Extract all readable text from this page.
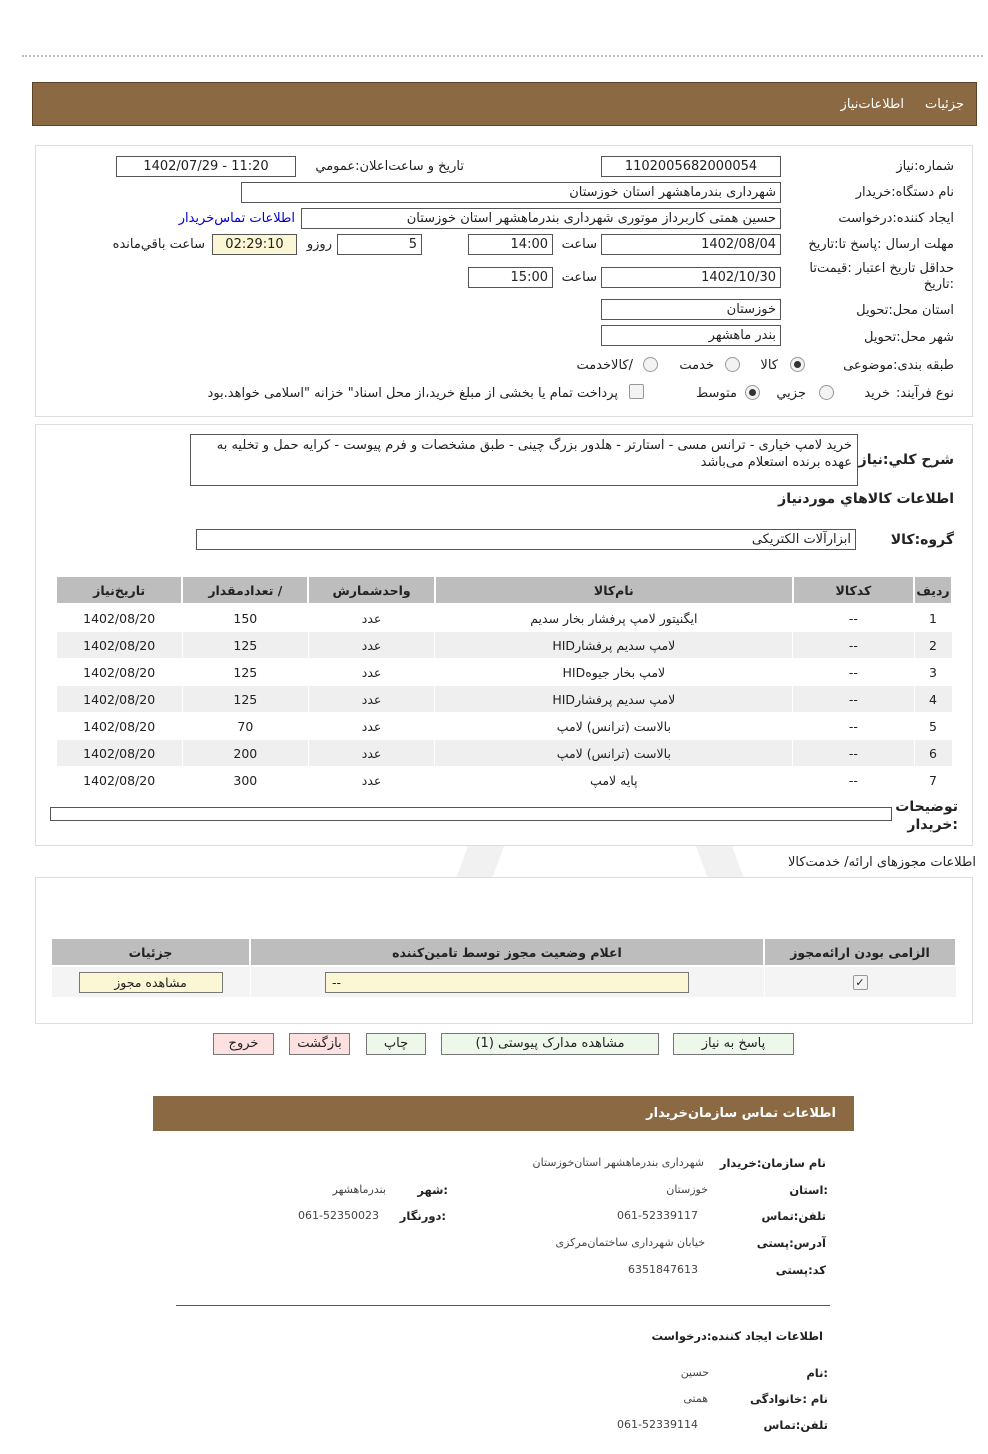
جزئیات
اطلاعات‌نیاز
شماره:نیاز
1102005682000054
تاریخ و ساعت‌اعلان:عمومي
1402/07/29 - 11:20
نام دستگاه:خریدار
شهرداری بندرماهشهر استان خوزستان
ایجاد کننده:درخواست
حسین همتی کاربرداز موتوری شهرداری بندرماهشهر استان خوزستان
اطلاعات تماس‌خریدار
مهلت ارسال :پاسخ تا:تاریخ
1402/08/04
ساعت
14:00
5
روزو
02:29:10
ساعت باقي‌مانده
حداقل تاریخ اعتبار :قیمت‌تا
:تاریخ
1402/10/30
ساعت
15:00
استان محل:تحویل
خوزستان
شهر محل:تحویل
بندر ماهشهر
طبقه بندی:موضوعی
کالا
خدمت
/کالاخدمت
نوع فرآیند:
خرید
جزيي
متوسط
پرداخت تمام یا بخشی از مبلغ خرید،از محل اسناد" خزانه "اسلامی خواهد.بود
شرح کلي:نیاز
خرید لامپ خیاری - ترانس مسی - استارتر - هلدور بزرگ چینی - طبق مشخصات و فرم پیوست - کرایه حمل و تخلیه به عهده برنده استعلام می‌باشد
اطلاعات کالاهاي موردنیاز
گروه:کالا
ابزارآلات الکتریکی
ردیف	کدکالا	نام‌کالا	واحدشمارش	/ تعدادمقدار	تاریخ‌نیاز
1	--	ایگنیتور لامپ پرفشار بخار سدیم	عدد	150	1402/08/20
2	--	لامپ سدیم پرفشارHID	عدد	125	1402/08/20
3	--	لامپ بخار جیوهHID	عدد	125	1402/08/20
4	--	لامپ سدیم پرفشارHID	عدد	125	1402/08/20
5	--	بالاست (ترانس) لامپ	عدد	70	1402/08/20
6	--	بالاست (ترانس) لامپ	عدد	200	1402/08/20
7	--	پایه لامپ	عدد	300	1402/08/20
توضیحات
:خریدار
اطلاعات مجوزهای ارائه/ خدمت‌کالا
الزامی بودن ارائه‌مجوز	اعلام وضعیت مجوز توسط تامین‌کننده	جزئیات
✓	--	مشاهده مجوز
پاسخ به نیاز
مشاهده مدارک پیوستی (1)
چاپ
بازگشت
خروج
اطلاعات تماس سازمان‌خریدار
نام سازمان:خریدار
شهرداری بندرماهشهر استان‌خوزستان
:استان
خوزستان
:شهر
بندرماهشهر
تلفن:تماس
061-52339117
:دورنگار
061-52350023
آدرس:پستی
خیابان شهرداری ساختمان‌مرکزی
کد:پستی
6351847613
اطلاعات ایجاد کننده:درخواست
:نام
حسین
نام :خانوادگی
همتی
تلفن:تماس
061-52339114
